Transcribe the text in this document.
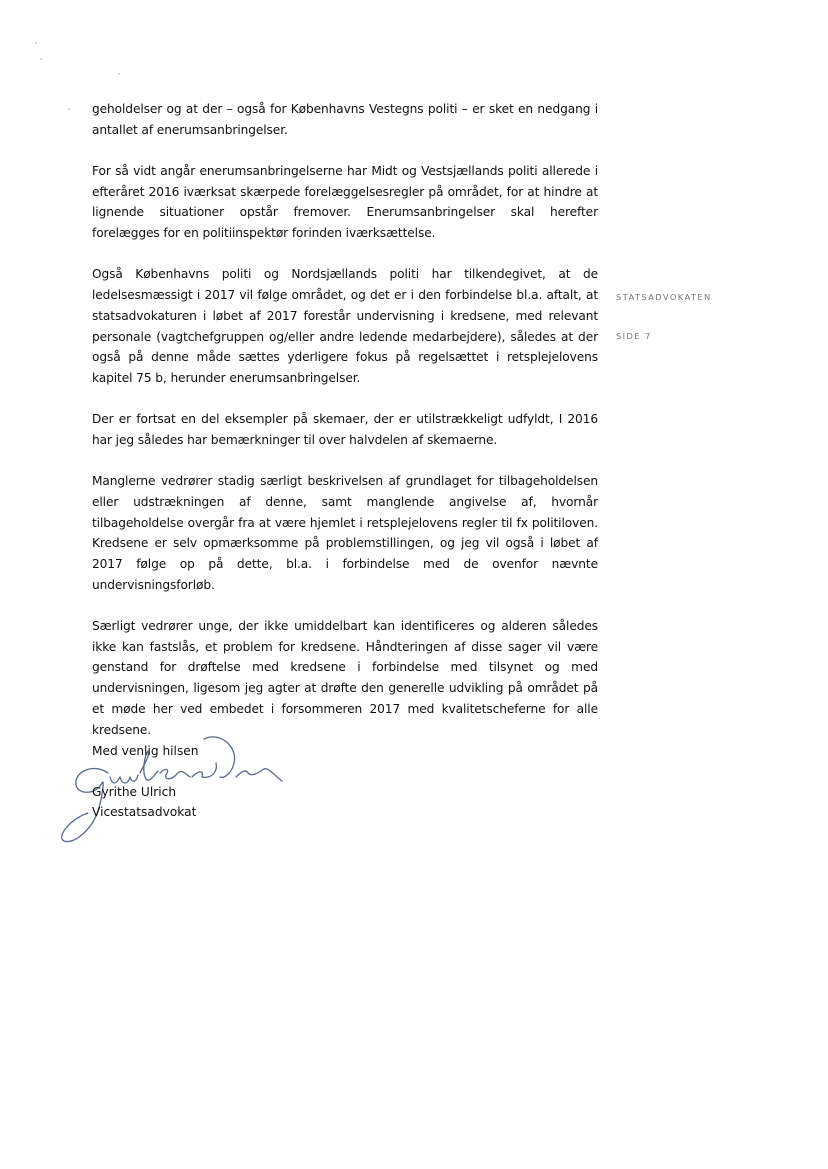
geholdelser og at der – også for Københavns Vestegns politi – er sket en nedgang i antallet af enerumsanbringelser.

For så vidt angår enerumsanbringelserne har Midt og Vestsjællands politi allerede i efteråret 2016 iværksat skærpede forelæggelsesregler på området, for at hindre at lignende situationer opstår fremover. Enerumsanbringelser skal herefter forelægges for en politiinspektør forinden iværksættelse.

Også Københavns politi og Nordsjællands politi har tilkendegivet, at de ledelsesmæssigt i 2017 vil følge området, og det er i den forbindelse bl.a. aftalt, at statsadvokaturen i løbet af 2017 forestår undervisning i kredsene, med relevant personale (vagtchefgruppen og/eller andre ledende medarbejdere), således at der også på denne måde sættes yderligere fokus på regelsættet i retsplejelovens kapitel 75 b, herunder enerumsanbringelser.

Der er fortsat en del eksempler på skemaer, der er utilstrækkeligt udfyldt, I 2016 har jeg således har bemærkninger til over halvdelen af skemaerne.

Manglerne vedrører stadig særligt beskrivelsen af grundlaget for tilbageholdelsen eller udstrækningen af denne, samt manglende angivelse af, hvornår tilbageholdelse overgår fra at være hjemlet i retsplejelovens regler til fx politiloven. Kredsene er selv opmærksomme på problemstillingen, og jeg vil også i løbet af 2017 følge op på dette, bl.a. i forbindelse med de ovenfor nævnte undervisningsforløb.

Særligt vedrører unge, der ikke umiddelbart kan identificeres og alderen således ikke kan fastslås, et problem for kredsene. Håndteringen af disse sager vil være genstand for drøftelse med kredsene i forbindelse med tilsynet og med undervisningen, ligesom jeg agter at drøfte den generelle udvikling på området på et møde her ved embedet i forsommeren 2017 med kvalitetscheferne for alle kredsene.

STATSADVOKATEN
SIDE 7
Med venlig hilsen
Gyrithe Ulrich
Vicestatsadvokat
